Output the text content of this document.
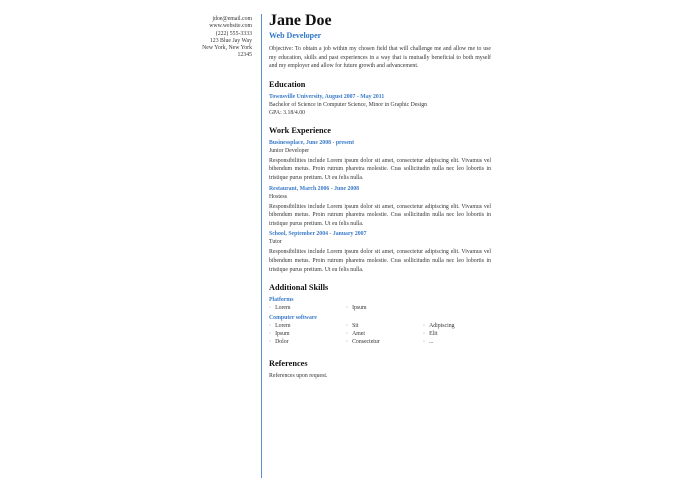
jdoe@email.com
www.website.com
(222) 555-3333
123 Blue Jay Way
New York, New York
12345
Jane Doe
Web Developer
Objective: To obtain a job within my chosen field that will challenge me and allow me to use my education, skills and past experiences in a way that is mutually beneficial to both myself and my employer and allow for future growth and advancement.
Education
Townsville University, August 2007 - May 2011
Bachelor of Science in Computer Science, Minor in Graphic Design
GPA: 3.18/4.00
Work Experience
Businessplace, June 2008 - present
Junior Developer
Responsibilities include Lorem ipsum dolor sit amet, consectetur adipiscing elit. Vivamus vel bibendum metus. Proin rutrum pharetra molestie. Cras sollicitudin nulla nec leo lobortis in tristique purus pretium. Ut eu felis nulla.
Restaurant, March 2006 - June 2008
Hostess
Responsibilities include Lorem ipsum dolor sit amet, consectetur adipiscing elit. Vivamus vel bibendum metus. Proin rutrum pharetra molestie. Cras sollicitudin nulla nec leo lobortis in tristique purus pretium. Ut eu felis nulla.
School, September 2004 - January 2007
Tutor
Responsibilities include Lorem ipsum dolor sit amet, consectetur adipiscing elit. Vivamus vel bibendum metus. Proin rutrum pharetra molestie. Cras sollicitudin nulla nec leo lobortis in tristique purus pretium. Ut eu felis nulla.
Additional Skills
Platforms
◦ Lorem	◦ Ipsum
Computer software
◦ Lorem	◦ Sit	◦ Adipiscing
◦ Ipsum	◦ Amet	◦ Elit
◦ Dolor	◦ Consectetur	◦ ...
References
References upon request.
